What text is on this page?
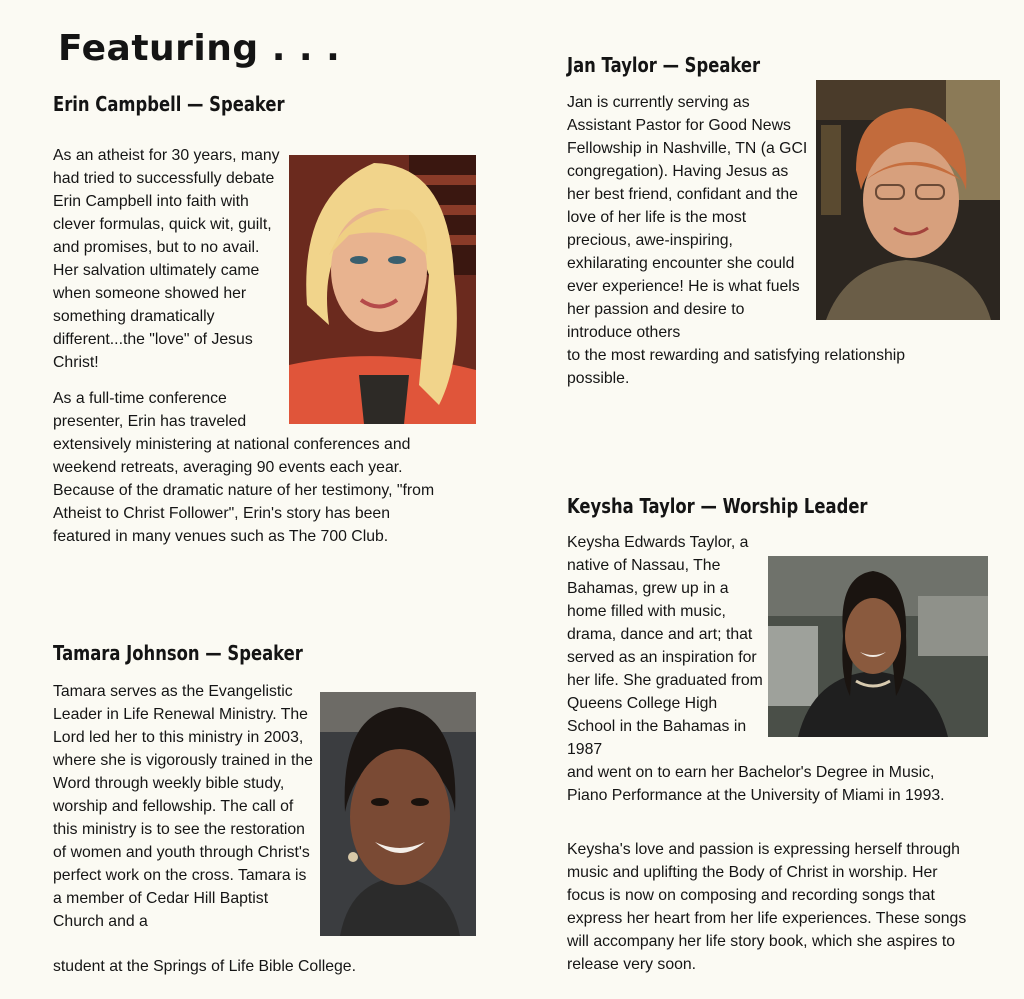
Featuring . . .
Erin Campbell — Speaker

As an atheist for 30 years, many had tried to successfully debate Erin Campbell into faith with clever formulas, quick wit, guilt, and promises, but to no avail. Her salvation ultimately came when someone showed her something dramatically different...the "love" of Jesus Christ!

As a full-time conference
presenter, Erin has traveled

extensively ministering at national conferences and weekend retreats, averaging 90 events each year. Because of the dramatic nature of her testimony, "from Atheist to Christ Follower", Erin's story has been featured in many venues such as The 700 Club.

Tamara Johnson — Speaker

Tamara serves as the Evangelistic Leader in Life Renewal Ministry. The Lord led her to this ministry in 2003, where she is vigorously trained in the Word through weekly bible study, worship and fellowship. The call of this ministry is to see the restoration of women and youth through Christ's perfect work on the cross. Tamara is a member of Cedar Hill Baptist Church and a

student at the Springs of Life Bible College.

Jan Taylor — Speaker

Jan is currently serving as Assistant Pastor for Good News Fellowship in Nashville, TN (a GCI congregation). Having Jesus as her best friend, confidant and the love of her life is the most precious, awe-inspiring, exhilarating encounter she could ever experience! He is what fuels her passion and desire to introduce others

to the most rewarding and satisfying relationship possible.

Keysha Taylor — Worship Leader

Keysha Edwards Taylor, a native of Nassau, The Bahamas, grew up in a home filled with music, drama, dance and art; that served as an inspiration for her life. She graduated from Queens College High School in the Bahamas in 1987

and went on to earn her Bachelor's Degree in Music, Piano Performance at the University of Miami in 1993.

Keysha's love and passion is expressing herself through music and uplifting the Body of Christ in worship. Her focus is now on composing and recording songs that express her heart from her life experiences. These songs will accompany her life story book, which she aspires to release very soon.
